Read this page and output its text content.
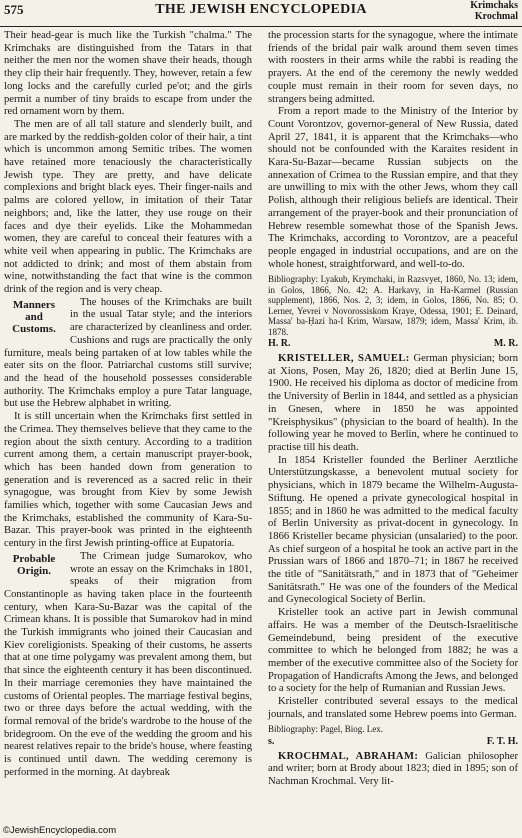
575	THE JEWISH ENCYCLOPEDIA	Krimchaks
Krochmal

Their head-gear is much like the Turkish "chalma." The Krimchaks are distinguished from the Tatars in that neither the men nor the women shave their heads, though they clip their hair frequently. They, however, retain a few long locks and the carefully curled pe'ot; and the girls permit a number of tiny braids to escape from under the red ornament worn by them.

The men are of all tall stature and slenderly built, and are marked by the reddish-golden color of their hair, a tint which is uncommon among Semitic tribes. The women have retained more tenaciously the characteristically Jewish type. They are pretty, and have delicate complexions and bright black eyes. Their finger-nails and palms are colored yellow, in imitation of their Tatar neighbors; and, like the latter, they use rouge on their faces and dye their eyelids. Like the Mohammedan women, they are careful to conceal their features with a white veil when appearing in public. The Krimchaks are not addicted to drink; and most of them abstain from wine, notwithstanding the fact that wine is the common drink of the region and is very cheap.

Manners and Customs.
The houses of the Krimchaks are built in the usual Tatar style; and the interiors are characterized by cleanliness and order. Cushions and rugs are practically the only furniture, meals being partaken of at low tables while the eater sits on the floor. Patriarchal customs still survive; and the head of the household possesses considerable authority. The Krimchaks employ a pure Tatar language, but use the Hebrew alphabet in writing.

It is still uncertain when the Krimchaks first settled in the Crimea. They themselves believe that they came to the region about the sixth century. According to a tradition current among them, a certain manuscript prayer-book, which has been handed down from generation to generation and is reverenced as a sacred relic in their synagogue, was brought from Kiev by some Jewish families which, together with some Caucasian Jews and the Krimchaks, established the community of Kara-Su-Bazar. This prayer-book was printed in the eighteenth century in the first Jewish printing-office at Eupatoria.

Probable Origin.
The Crimean judge Sumarokov, who wrote an essay on the Krimchaks in 1801, speaks of their migration from Constantinople as having taken place in the fourteenth century, when Kara-Su-Bazar was the capital of the Crimean khans. It is possible that Sumarokov had in mind the Turkish immigrants who joined their Caucasian and Kiev coreligionists. Speaking of their customs, he asserts that at one time polygamy was prevalent among them, but that since the eighteenth century it has been discontinued. In their marriage ceremonies they have maintained the customs of Oriental peoples. The marriage festival begins, two or three days before the actual wedding, with the formal removal of the bride's wardrobe to the house of the bridegroom. On the eve of the wedding the groom and his nearest relatives repair to the bride's house, where feasting is continued until dawn. The wedding ceremony is performed in the morning. At daybreak

the procession starts for the synagogue, where the intimate friends of the bridal pair walk around them seven times with roosters in their arms while the rabbi is reading the prayers. At the end of the ceremony the newly wedded couple must remain in their room for seven days, no strangers being admitted.

From a report made to the Ministry of the Interior by Count Vorontzov, governor-general of New Russia, dated April 27, 1841, it is apparent that the Krimchaks—who should not be confounded with the Karaites resident in Kara-Su-Bazar—became Russian subjects on the annexation of Crimea to the Russian empire, and that they are unwilling to mix with the other Jews, whom they call Polish, although their religious beliefs are identical. Their arrangement of the prayer-book and their pronunciation of Hebrew resemble somewhat those of the Spanish Jews. The Krimchaks, according to Vorontzov, are a peaceful people engaged in industrial occupations, and are on the whole honest, straightforward, and well-to-do.

Bibliography: Lyakub, Krymchaki, in Razsvyet, 1860, No. 13; idem, in Golos, 1866, No. 42; A. Harkavy, in Ha-Karmel (Russian supplement), 1866, Nos. 2, 3; idem, in Golos, 1866, No. 85; O. Lerner, Yevrei v Novorossiskom Kraye, Odessa, 1901; E. Deinard, Massa' ba-Ḥazi ha-I Krim, Warsaw, 1879; idem, Massa' Krim, ib. 1878.

H. R.	M. R.

KRISTELLER, SAMUEL: German physician; born at Xions, Posen, May 26, 1820; died at Berlin June 15, 1900. He received his diploma as doctor of medicine from the University of Berlin in 1844, and settled as a physician in Gnesen, where in 1850 he was appointed "Kreisphysikus" (physician to the board of health). In the following year he moved to Berlin, where he continued to practise till his death.

In 1854 Kristeller founded the Berliner Aerztliche Unterstützungskasse, a benevolent mutual society for physicians, which in 1879 became the Wilhelm-Augusta-Stiftung. He opened a private gynecological hospital in 1855; and in 1860 he was admitted to the medical faculty of Berlin University as privat-docent in gynecology. In 1866 Kristeller became physician (unsalaried) to the poor. As chief surgeon of a hospital he took an active part in the Prussian wars of 1866 and 1870–71; in 1867 he received the title of "Sanitätsrath," and in 1873 that of "Geheimer Sanitätsrath." He was one of the founders of the Medical and Gynecological Society of Berlin.

Kristeller took an active part in Jewish communal affairs. He was a member of the Deutsch-Israelitische Gemeindebund, being president of the executive committee to which he belonged from 1882; he was a member of the executive committee also of the Society for Propagation of Handicrafts Among the Jews, and belonged to a society for the help of Rumanian and Russian Jews.

Kristeller contributed several essays to the medical journals, and translated some Hebrew poems into German.

Bibliography: Pagel, Biog. Lex.

s.	F. T. H.

KROCHMAL, ABRAHAM: Galician philosopher and writer; born at Brody about 1823; died in 1895; son of Nachman Krochmal. Very lit-

©JewishEncyclopedia.com
